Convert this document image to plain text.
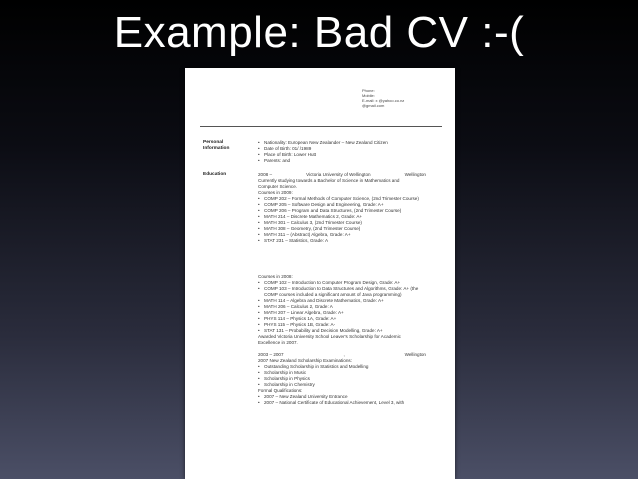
Example: Bad CV :-(
Phone:
Mobile:
E-mail: x @yahoo.co.nz
@gmail.com
Personal
Information
• Nationality: European New Zealander – New Zealand Citizen
• Date of Birth: 01/ /1989
• Place of Birth: Lower Hutt
• Parents: and
Education	2008 –	Victoria University of Wellington	Wellington
Currently studying towards a Bachelor of Science in Mathematics and
Computer Science.
Courses in 2009:
• COMP 202 – Formal Methods of Computer Science, (2nd Trimester Course)
• COMP 205 – Software Design and Engineering, Grade: A+
• COMP 206 – Program and Data Structures, (2nd Trimester Course)
• MATH 214 – Discrete Mathematics 2, Grade: A+
• MATH 301 – Calculus 3, (2nd Trimester Course)
• MATH 308 – Geometry, (2nd Trimester Course)
• MATH 311 – (Abstract) Algebra, Grade: A+
• STAT 231 – Statistics, Grade: A
Courses in 2008:
• COMP 102 – Introduction to Computer Program Design, Grade: A+
• COMP 103 – Introduction to Data Structures and Algorithms, Grade: A+ (the COMP courses included a significant amount of Java programming)
• MATH 114 – Algebra and Discrete Mathematics, Grade: A+
• MATH 206 – Calculus 2, Grade: A
• MATH 207 – Linear Algebra, Grade: A+
• PHYS 114 – Physics 1A, Grade: A+
• PHYS 115 – Physics 1B, Grade: A-
• STAT 131 – Probability and Decision Modelling, Grade: A+
Awarded Victoria University School Leaver's Scholarship for Academic
Excellence in 2007.
2003 – 2007	,	Wellington
2007 New Zealand Scholarship Examinations:
• Outstanding Scholarship in Statistics and Modelling
• Scholarship in Music
• Scholarship in Physics
• Scholarship in Chemistry
Formal Qualifications:
• 2007 – New Zealand University Entrance
• 2007 – National Certificate of Educational Achievement, Level 3, with
